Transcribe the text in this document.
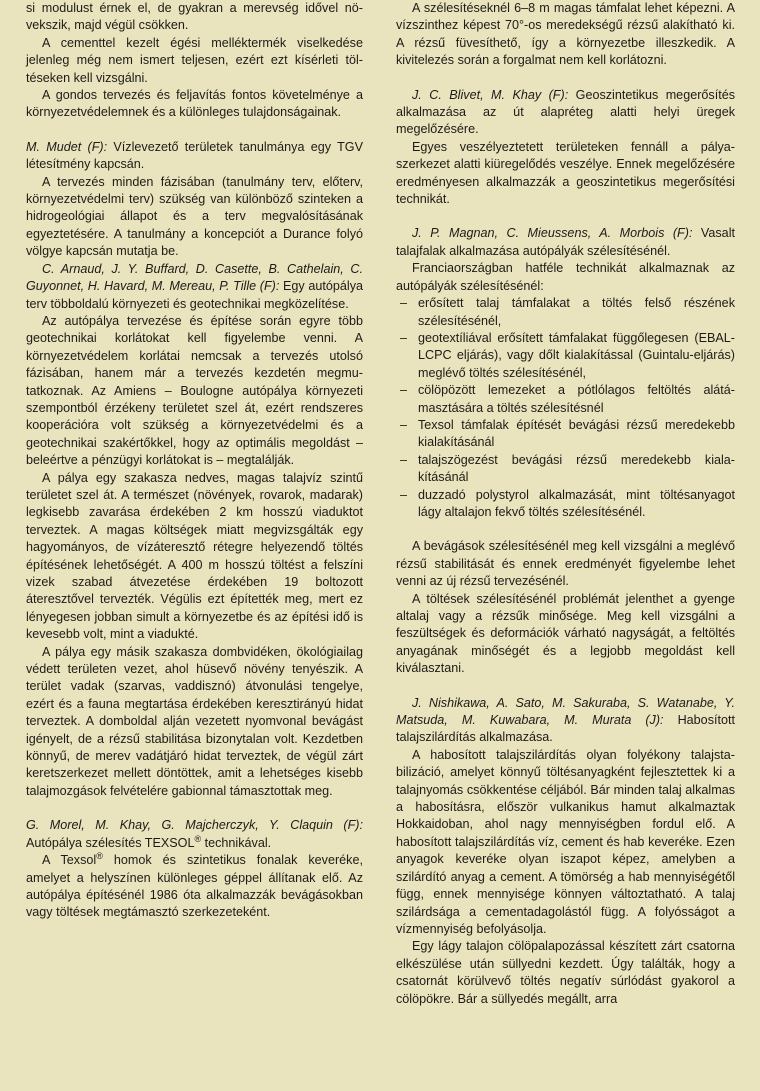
si modulust érnek el, de gyakran a merevség idővel növekszik, majd végül csökken.

A cementtel kezelt égési melléktermék viselkedése jelenleg még nem ismert teljesen, ezért ezt kísérleti töltéseken kell vizsgálni.

A gondos tervezés és feljavítás fontos követelménye a környezetvédelemnek és a különleges tulajdonságainak.

M. Mudet (F): Vízlevezető területek tanulmánya egy TGV létesítmény kapcsán.

A tervezés minden fázisában (tanulmány terv, előterv, környezetvédelmi terv) szükség van különböző szinteken a hidrogeológiai állapot és a terv megvalósításának egyeztetésére. A tanulmány a koncepciót a Durance folyó völgye kapcsán mutatja be.

C. Arnaud, J. Y. Buffard, D. Casette, B. Cathelain, C. Guyonnet, H. Havard, M. Mereau, P. Tille (F): Egy autópálya terv többoldalú környezeti és geotechnikai megközelítése.

Az autópálya tervezése és építése során egyre több geotechnikai korlátokat kell figyelembe venni. A környezetvédelem korlátai nemcsak a tervezés utolsó fázisában, hanem már a tervezés kezdetén megmutatkoznak. Az Amiens – Boulogne autópálya környezeti szempontból érzékeny területet szel át, ezért rendszeres kooperációra volt szükség a környezetvédelmi és a geotechnikai szakértőkkel, hogy az optimális megoldást – beleértve a pénzügyi korlátokat is – megtalálják.

A pálya egy szakasza nedves, magas talajvíz szintű területet szel át. A természet (növények, rovarok, madarak) legkisebb zavarása érdekében 2 km hosszú viaduktot terveztek. A magas költségek miatt megvizsgálták egy hagyományos, de vízáteresztő rétegre helyezendő töltés építésének lehetőségét. A 400 m hosszú töltést a felszíni vizek szabad átvezetése érdekében 19 boltozott áteresztővel tervezték. Végülis ezt építették meg, mert ez lényegesen jobban simult a környezetbe és az építési idő is kevesebb volt, mint a viadukté.

A pálya egy másik szakasza dombvidéken, ökológiailag védett területen vezet, ahol hüsevő növény tenyészik. A terület vadak (szarvas, vaddisznó) átvonulási tengelye, ezért és a fauna megtartása érdekében keresztirányú hidat terveztek. A domboldal alján vezetett nyomvonal bevágást igényelt, de a rézsű stabilitása bizonytalan volt. Kezdetben könnyű, de merev vadátjáró hidat terveztek, de végül zárt keretszerkezet mellett döntöttek, amit a lehetséges kisebb talajmozgások felvételére gabionnal támasztottak meg.

G. Morel, M. Khay, G. Majcherczyk, Y. Claquin (F): Autópálya szélesítés TEXSOL® technikával.

A Texsol® homok és szintetikus fonalak keveréke, amelyet a helyszínen különleges géppel állítanak elő. Az autópálya építésénél 1986 óta alkalmazzák bevágásokban vagy töltések megtámasztó szerkezeteként.

A szélesítéseknél 6–8 m magas támfalat lehet képezni. A vízszinthez képest 70°-os meredekségű rézsű alakítható ki. A rézsű füvesíthető, így a környezetbe illeszkedik. A kivitelezés során a forgalmat nem kell korlátozni.

J. C. Blivet, M. Khay (F): Geoszintetikus megerősítés alkalmazása az út alapréteg alatti helyi üregek megelőzésére.

Egyes veszélyeztetett területeken fennáll a pályaszerkezet alatti kiüregelődés veszélye. Ennek megelőzésére eredményesen alkalmazzák a geoszintetikus megerősítési technikát.

J. P. Magnan, C. Mieussens, A. Morbois (F): Vasalt talajfalak alkalmazása autópályák szélesítésénél.

Franciaországban hatféle technikát alkalmaznak az autópályák szélesítésénél:

– erősített talaj támfalakat a töltés felső részének szélesítésénél,
– geotextíliával erősített támfalakat függőlegesen (EBAL-LCPC eljárás), vagy dőlt kialakítással (Guintalu-eljárás) meglévő töltés szélesítésénél,
– cölöpözött lemezeket a pótlólagos feltöltés alátámasztására a töltés szélesítésnél
– Texsol támfalak építését bevágási rézsű meredekebb kialakításánál
– talajszögezést bevágási rézsű meredekebb kialakításánál
– duzzadó polystyrol alkalmazását, mint töltésanyagot lágy altalajon fekvő töltés szélesítésénél.

A bevágások szélesítésénél meg kell vizsgálni a meglévő rézsű stabilitását és ennek eredményét figyelembe lehet venni az új rézsű tervezésénél.

A töltések szélesítésénél problémát jelenthet a gyenge altalaj vagy a rézsűk minősége. Meg kell vizsgálni a feszültségek és deformációk várható nagyságát, a feltöltés anyagának minőségét és a legjobb megoldást kell kiválasztani.

J. Nishikawa, A. Sato, M. Sakuraba, S. Watanabe, Y. Matsuda, M. Kuwabara, M. Murata (J): Habosított talajszilárdítás alkalmazása.

A habosított talajszilárdítás olyan folyékony talajstabilizáció, amelyet könnyű töltésanyagként fejlesztettek ki a talajnyomás csökkentése céljából. Bár minden talaj alkalmas a habosításra, először vulkanikus hamut alkalmaztak Hokkaidoban, ahol nagy mennyiségben fordul elő. A habosított talajszilárdítás víz, cement és hab keveréke. Ezen anyagok keveréke olyan iszapot képez, amelyben a szilárdító anyag a cement. A tömörség a hab mennyiségétől függ, ennek mennyisége könnyen változtatható. A talaj szilárdsága a cementadagolástól függ. A folyósságot a vízmennyiség befolyásolja.

Egy lágy talajon cölöpalapozással készített zárt csatorna elkészülése után süllyedni kezdett. Úgy találták, hogy a csatornát körülvevő töltés negatív súrlódást gyakorol a cölöpökre. Bár a süllyedés megállt, arra
